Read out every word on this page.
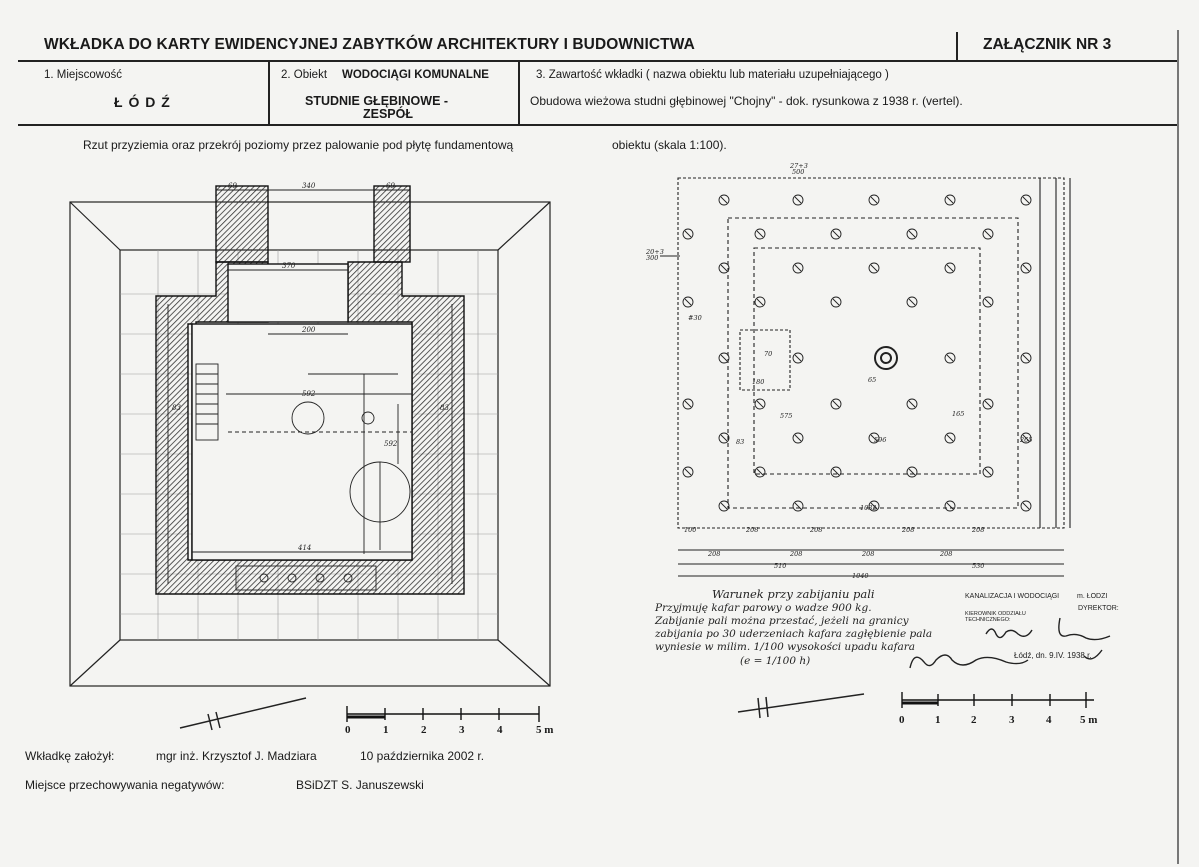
WKŁADKA DO KARTY EWIDENCYJNEJ ZABYTKÓW ARCHITEKTURY I BUDOWNICTWA	ZAŁĄCZNIK NR 3
1. Miejscowość
Ł Ó D Ź
2. Obiekt WODOCIĄGI KOMUNALNE
STUDNIE GŁĘBINOWE -
ZESPÓŁ
3. Zawartość wkładki ( nazwa obiektu lub materiału uzupełniającego )
Obudowa wieżowa studni głębinowej "Chojny" - dok. rysunkowa z 1938 r. (vertel).
Rzut przyziemia oraz przekrój poziomy przez palowanie pod płytę fundamentową	obiektu (skala 1:100).
69	340	69
370
200
414
83	83
592
592
27+3
500
20+3
300
#30
180
70
575
596
165
265
83
65
1032
100	208	208	208	208
208	208	208	208
510	530
1040
Warunek przy zabijaniu pali
Przyjmuję kafar parowy o wadze 900 kg.
Zabijanie pali można przestać, jeżeli na granicy
zabijania po 30 uderzeniach kafara zagłębienie pala
wyniesie w milim. 1/100 wysokości upadu kafara
(e = 1/100 h)
KANALIZACJA I WODOCIĄGI	m. ŁODZI
KIEROWNIK ODDZIAŁU TECHNICZNEGO:
DYREKTOR:
Łódź, dn. 9.IV. 1938 r.
0	1	2	3	4	5 m
0	1	2	3	4	5 m
Wkładkę założył:	mgr inż. Krzysztof J. Madziara	10 października 2002 r.
Miejsce przechowywania negatywów:	BSiDZT S. Januszewski
